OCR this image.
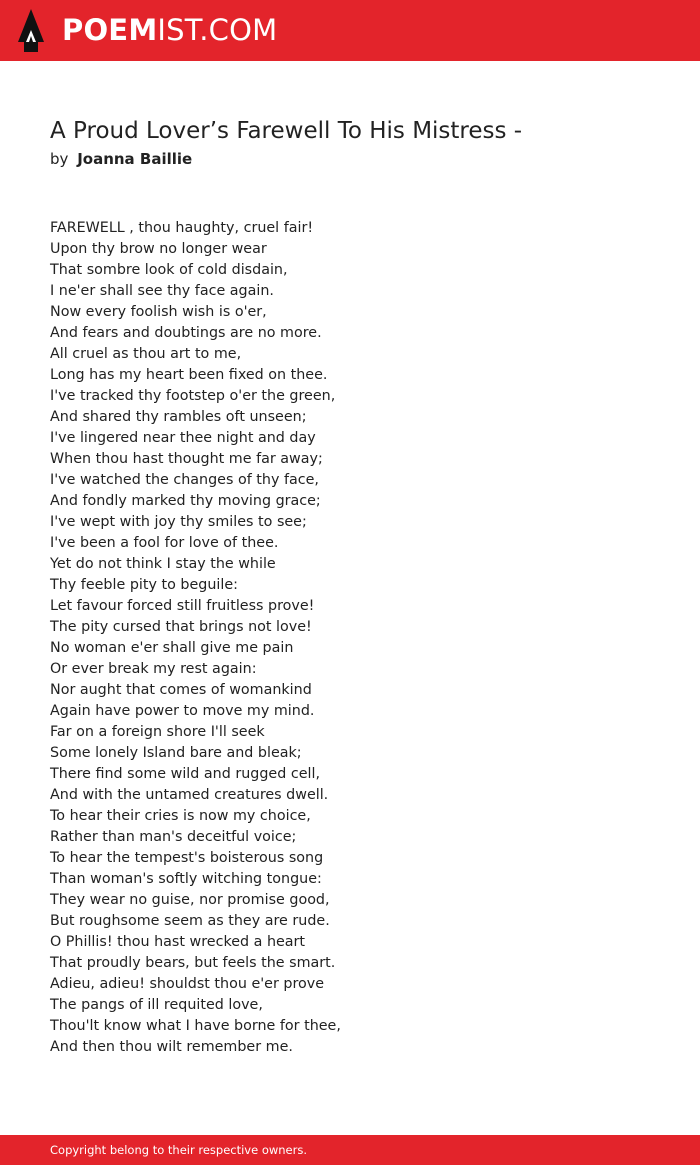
POEMIST.COM
A Proud Lover’s Farewell To His Mistress -
by Joanna Baillie
FAREWELL , thou haughty, cruel fair!
Upon thy brow no longer wear
That sombre look of cold disdain,
I ne'er shall see thy face again.
Now every foolish wish is o'er,
And fears and doubtings are no more.
All cruel as thou art to me,
Long has my heart been fixed on thee.
I've tracked thy footstep o'er the green,
And shared thy rambles oft unseen;
I've lingered near thee night and day
When thou hast thought me far away;
I've watched the changes of thy face,
And fondly marked thy moving grace;
I've wept with joy thy smiles to see;
I've been a fool for love of thee.
Yet do not think I stay the while
Thy feeble pity to beguile:
Let favour forced still fruitless prove!
The pity cursed that brings not love!
No woman e'er shall give me pain
Or ever break my rest again:
Nor aught that comes of womankind
Again have power to move my mind.
Far on a foreign shore I'll seek
Some lonely Island bare and bleak;
There find some wild and rugged cell,
And with the untamed creatures dwell.
To hear their cries is now my choice,
Rather than man's deceitful voice;
To hear the tempest's boisterous song
Than woman's softly witching tongue:
They wear no guise, nor promise good,
But roughsome seem as they are rude.
O Phillis! thou hast wrecked a heart
That proudly bears, but feels the smart.
Adieu, adieu! shouldst thou e'er prove
The pangs of ill requited love,
Thou'lt know what I have borne for thee,
And then thou wilt remember me.
Copyright belong to their respective owners.
